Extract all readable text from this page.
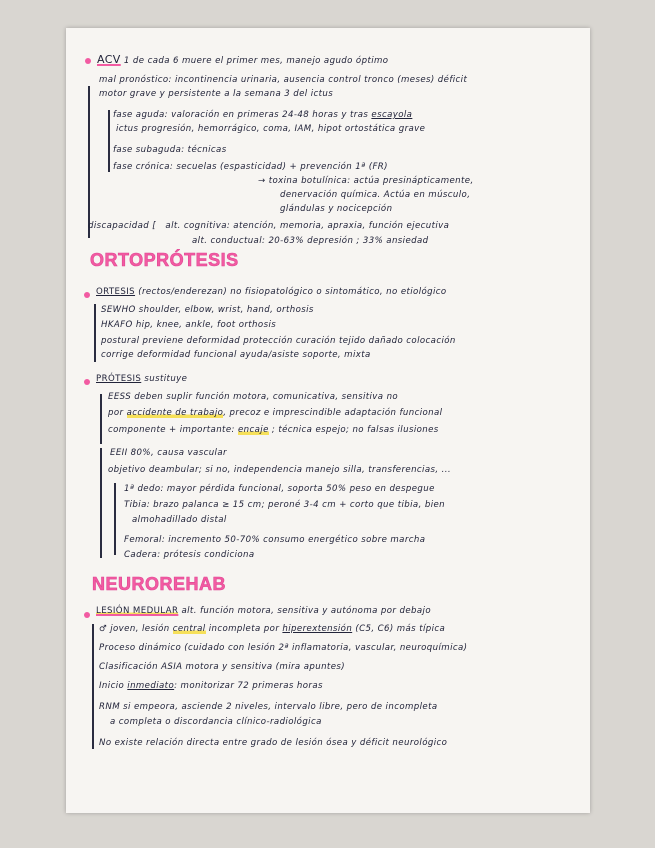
ACV 1 de cada 6 muere el primer mes, manejo agudo óptimo
mal pronóstico: incontinencia urinaria, ausencia control tronco (meses) déficit
motor grave y persistente a la semana 3 del ictus
fase aguda: valoración en primeras 24-48 horas y tras escayola
ictus progresión, hemorrágico, coma, IAM, hipot ortostática grave
fase subaguda: técnicas
fase crónica: secuelas (espasticidad) + prevención 1ª (FR)
→ toxina botulínica: actúa presinápticamente,
denervación química. Actúa en músculo,
glándulas y nocicepción
discapacidad [ alt. cognitiva: atención, memoria, apraxia, función ejecutiva
alt. conductual: 20-63% depresión ; 33% ansiedad
ORTOPRÓTESIS
ORTESIS (rectos/enderezan) no fisiopatológico o sintomático, no etiológico
SEWHO shoulder, elbow, wrist, hand, orthosis
HKAFO hip, knee, ankle, foot orthosis
postural previene deformidad protección curación tejido dañado colocación
corrige deformidad funcional ayuda/asiste soporte, mixta
PRÓTESIS sustituye
EESS deben suplir función motora, comunicativa, sensitiva no
por accidente de trabajo, precoz e imprescindible adaptación funcional
componente + importante: encaje ; técnica espejo; no falsas ilusiones
EEII 80%, causa vascular
objetivo deambular; si no, independencia manejo silla, transferencias, ...
1ª dedo: mayor pérdida funcional, soporta 50% peso en despegue
Tibia: brazo palanca ≥ 15 cm; peroné 3-4 cm + corto que tibia, bien
almohadillado distal
Femoral: incremento 50-70% consumo energético sobre marcha
Cadera: prótesis condiciona
NEUROREHAB
LESIÓN MEDULAR alt. función motora, sensitiva y autónoma por debajo
♂ joven, lesión central incompleta por hiperextensión (C5, C6) más típica
Proceso dinámico (cuidado con lesión 2ª inflamatoria, vascular, neuroquímica)
Clasificación ASIA motora y sensitiva (mira apuntes)
Inicio inmediato: monitorizar 72 primeras horas
RNM si empeora, asciende 2 niveles, intervalo libre, pero de incompleta
a completa o discordancia clínico-radiológica
No existe relación directa entre grado de lesión ósea y déficit neurológico
